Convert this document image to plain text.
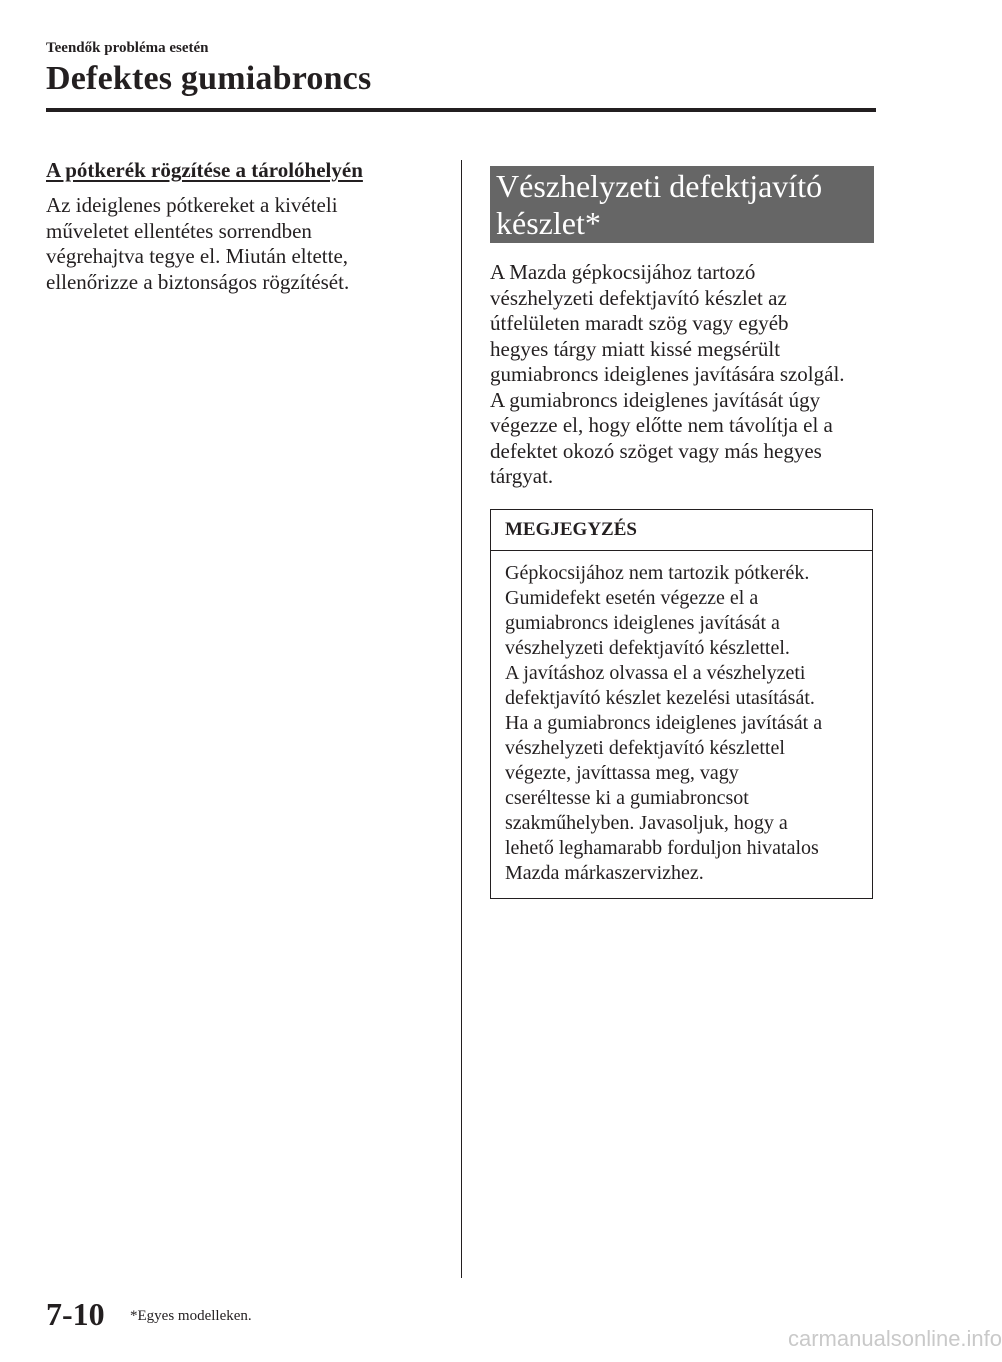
Teendők probléma esetén
Defektes gumiabroncs
A pótkerék rögzítése a tárolóhelyén
Az ideiglenes pótkereket a kivételi
műveletet ellentétes sorrendben
végrehajtva tegye el. Miután eltette,
ellenőrizze a biztonságos rögzítését.
Vészhelyzeti defektjavító
készlet*
A Mazda gépkocsijához tartozó
vészhelyzeti defektjavító készlet az
útfelületen maradt szög vagy egyéb
hegyes tárgy miatt kissé megsérült
gumiabroncs ideiglenes javítására szolgál.
A gumiabroncs ideiglenes javítását úgy
végezze el, hogy előtte nem távolítja el a
defektet okozó szöget vagy más hegyes
tárgyat.
MEGJEGYZÉS
Gépkocsijához nem tartozik pótkerék.
Gumidefekt esetén végezze el a
gumiabroncs ideiglenes javítását a
vészhelyzeti defektjavító készlettel.
A javításhoz olvassa el a vészhelyzeti
defektjavító készlet kezelési utasítását.
Ha a gumiabroncs ideiglenes javítását a
vészhelyzeti defektjavító készlettel
végezte, javíttassa meg, vagy
cseréltesse ki a gumiabroncsot
szakműhelyben. Javasoljuk, hogy a
lehető leghamarabb forduljon hivatalos
Mazda márkaszervizhez.
7-10 *Egyes modelleken.
carmanualsonline.info
